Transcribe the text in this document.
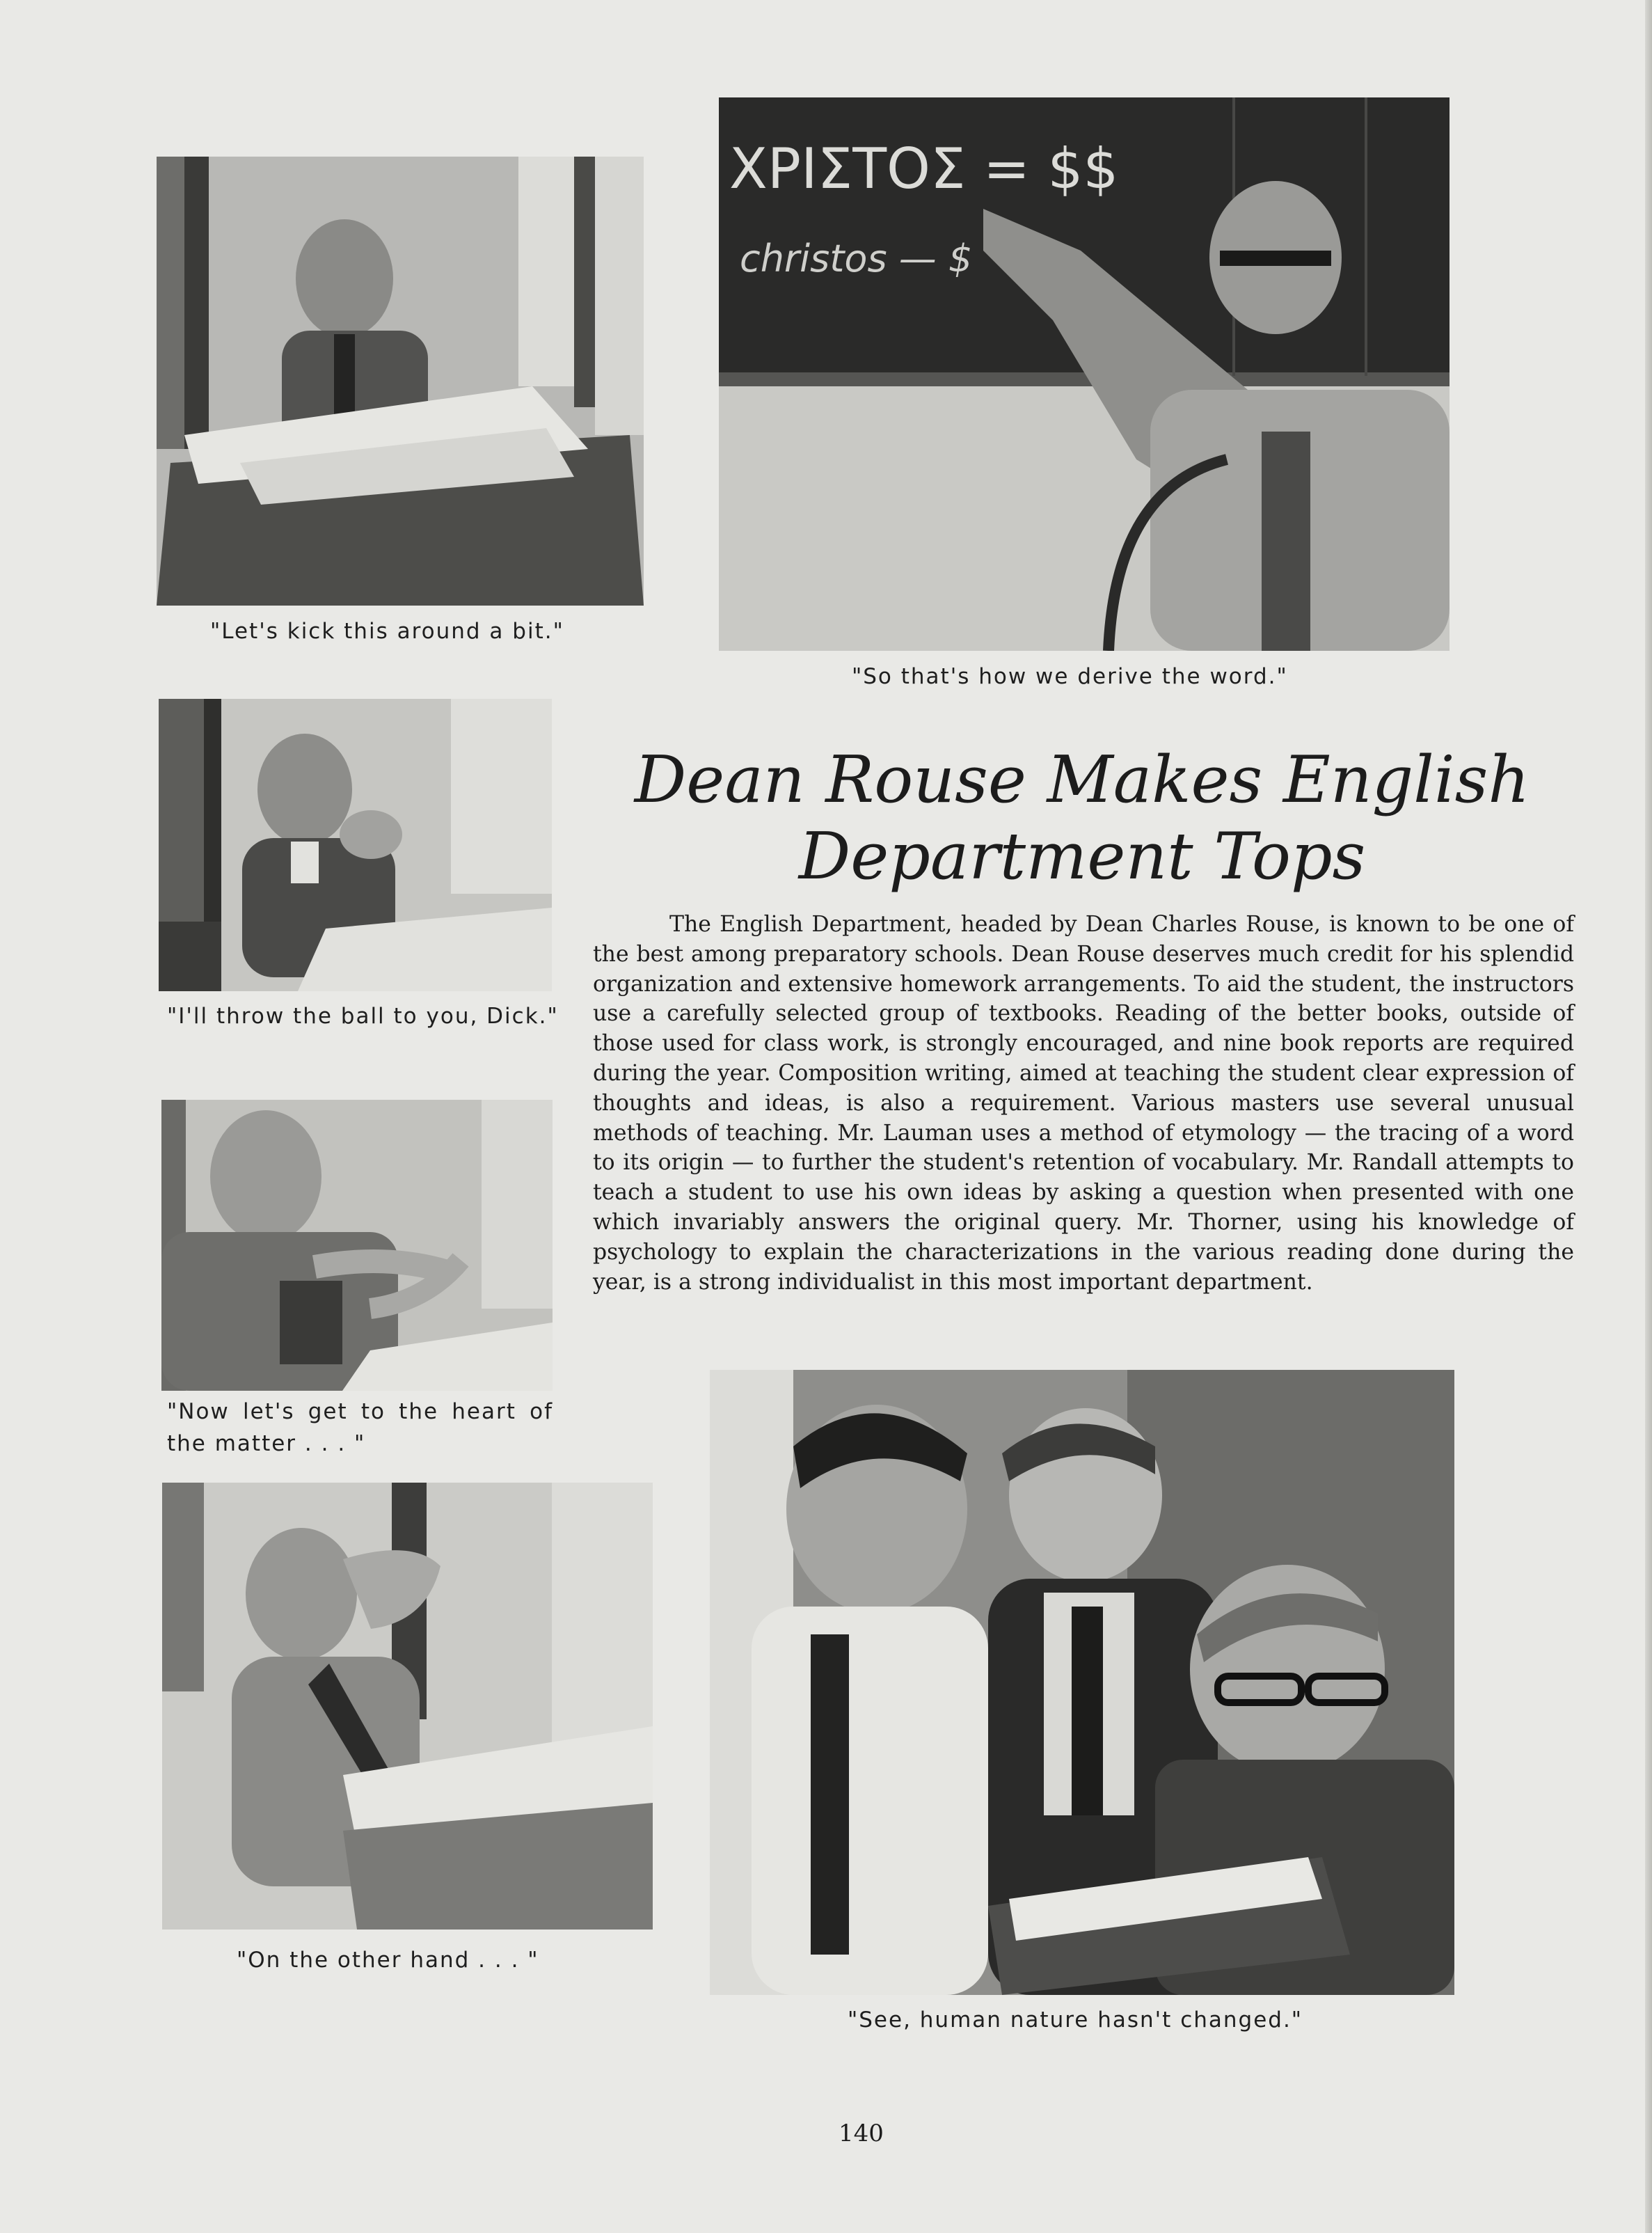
"Let's kick this around a bit."
ΧΡΙΣΤΟΣ = $$
christos — $
"So that's how we derive the word."
"I'll throw the ball to you, Dick."
"Now let's get to the heart of the matter . . . "
"On the other hand . . . "
Dean Rouse Makes English
Department Tops

The English Department, headed by Dean Charles Rouse, is known to be one of the best among preparatory schools. Dean Rouse deserves much credit for his splendid organization and extensive homework arrangements. To aid the student, the instructors use a carefully selected group of textbooks. Reading of the better books, outside of those used for class work, is strongly encouraged, and nine book reports are required during the year. Composition writing, aimed at teaching the student clear expression of thoughts and ideas, is also a requirement. Various masters use several unusual methods of teaching. Mr. Lauman uses a method of etymology — the tracing of a word to its origin — to further the student's retention of vocabulary. Mr. Randall attempts to teach a student to use his own ideas by asking a question when presented with one which invariably answers the original query. Mr. Thorner, using his knowledge of psychology to explain the characterizations in the various reading done during the year, is a strong individualist in this most important department.

"See, human nature hasn't changed."
140
